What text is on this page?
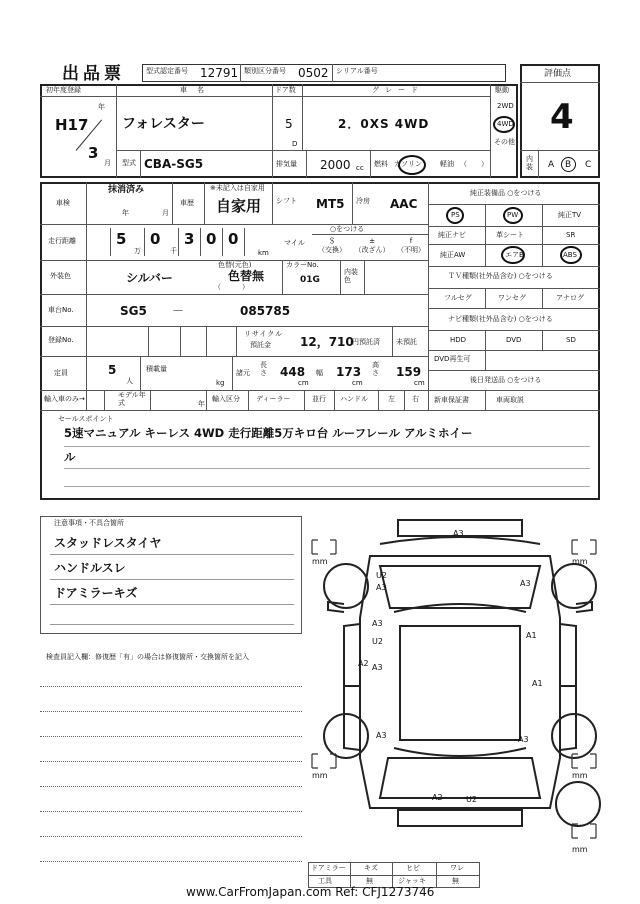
出品票	型式認定番号 12791 類別区分番号 0502 シリアル番号	評価点
4
内装	A B C
初年度登録
年
H17
3
月
車名
フォレスター
ドア数
5
D
グレード
2．0XS 4WD
駆動
2WD
4WD
その他
型式 CBA-SG5	排気量 2000 cc 燃料 ガソリン	軽油 （　　）
車検
抹消済み
年	月
車歴
※未記入は自家用
自家用 シフト MT5 冷房 AAC
走行距離	5
万
0
千
3 0 0
km
マイル
○をつける
＄
（交換）
±
（改ざん）
f
（不明）
外装色	シルバー
色替(元色)
色替無
（　　　）
カラーNo.
01G
内装色
車台No.	SG5 －	085785
登録No.
リサイクル
預託金 12，710
円預託済 未預託
定員	5
人
積載量
kg
諸元
長さ 448
cm
幅 173
cm
高さ 159
cm
輸入車のみ→	モデル年式	年
輸入区分 ディーラー	並行 ハンドル	左 右
純正装備品 ○をつける
PS	PW	純正TV
純正ナビ	革シート	SR
純正AW	エアB	ABS
ＴＶ種類(社外品含む) ○をつける
フルセグ	ワンセグ	アナログ
ナビ種類(社外品含む) ○をつける
HDD	DVD	SD
DVD再生可
後日発送品 ○をつける
新車保証書	車両取説
セールスポイント
5速マニュアル キーレス 4WD 走行距離5万キロ台 ルーフレール アルミホイー
ル
注意事項・不具合箇所
スタッドレスタイヤ
ハンドルスレ
ドアミラーキズ
検査員記入欄：修復歴「有」の場合は修復箇所・交換箇所を記入
A3
U2
A3
A2
A3
U2
A3
A3
A1
A1
A3	A3
A2	U2
mm	mm
mm	mm
mm
ドアミラー	キズ	ヒビ	ワレ
工具	無	ジャッキ	無
www.CarFromJapan.com Ref: CFJ1273746
